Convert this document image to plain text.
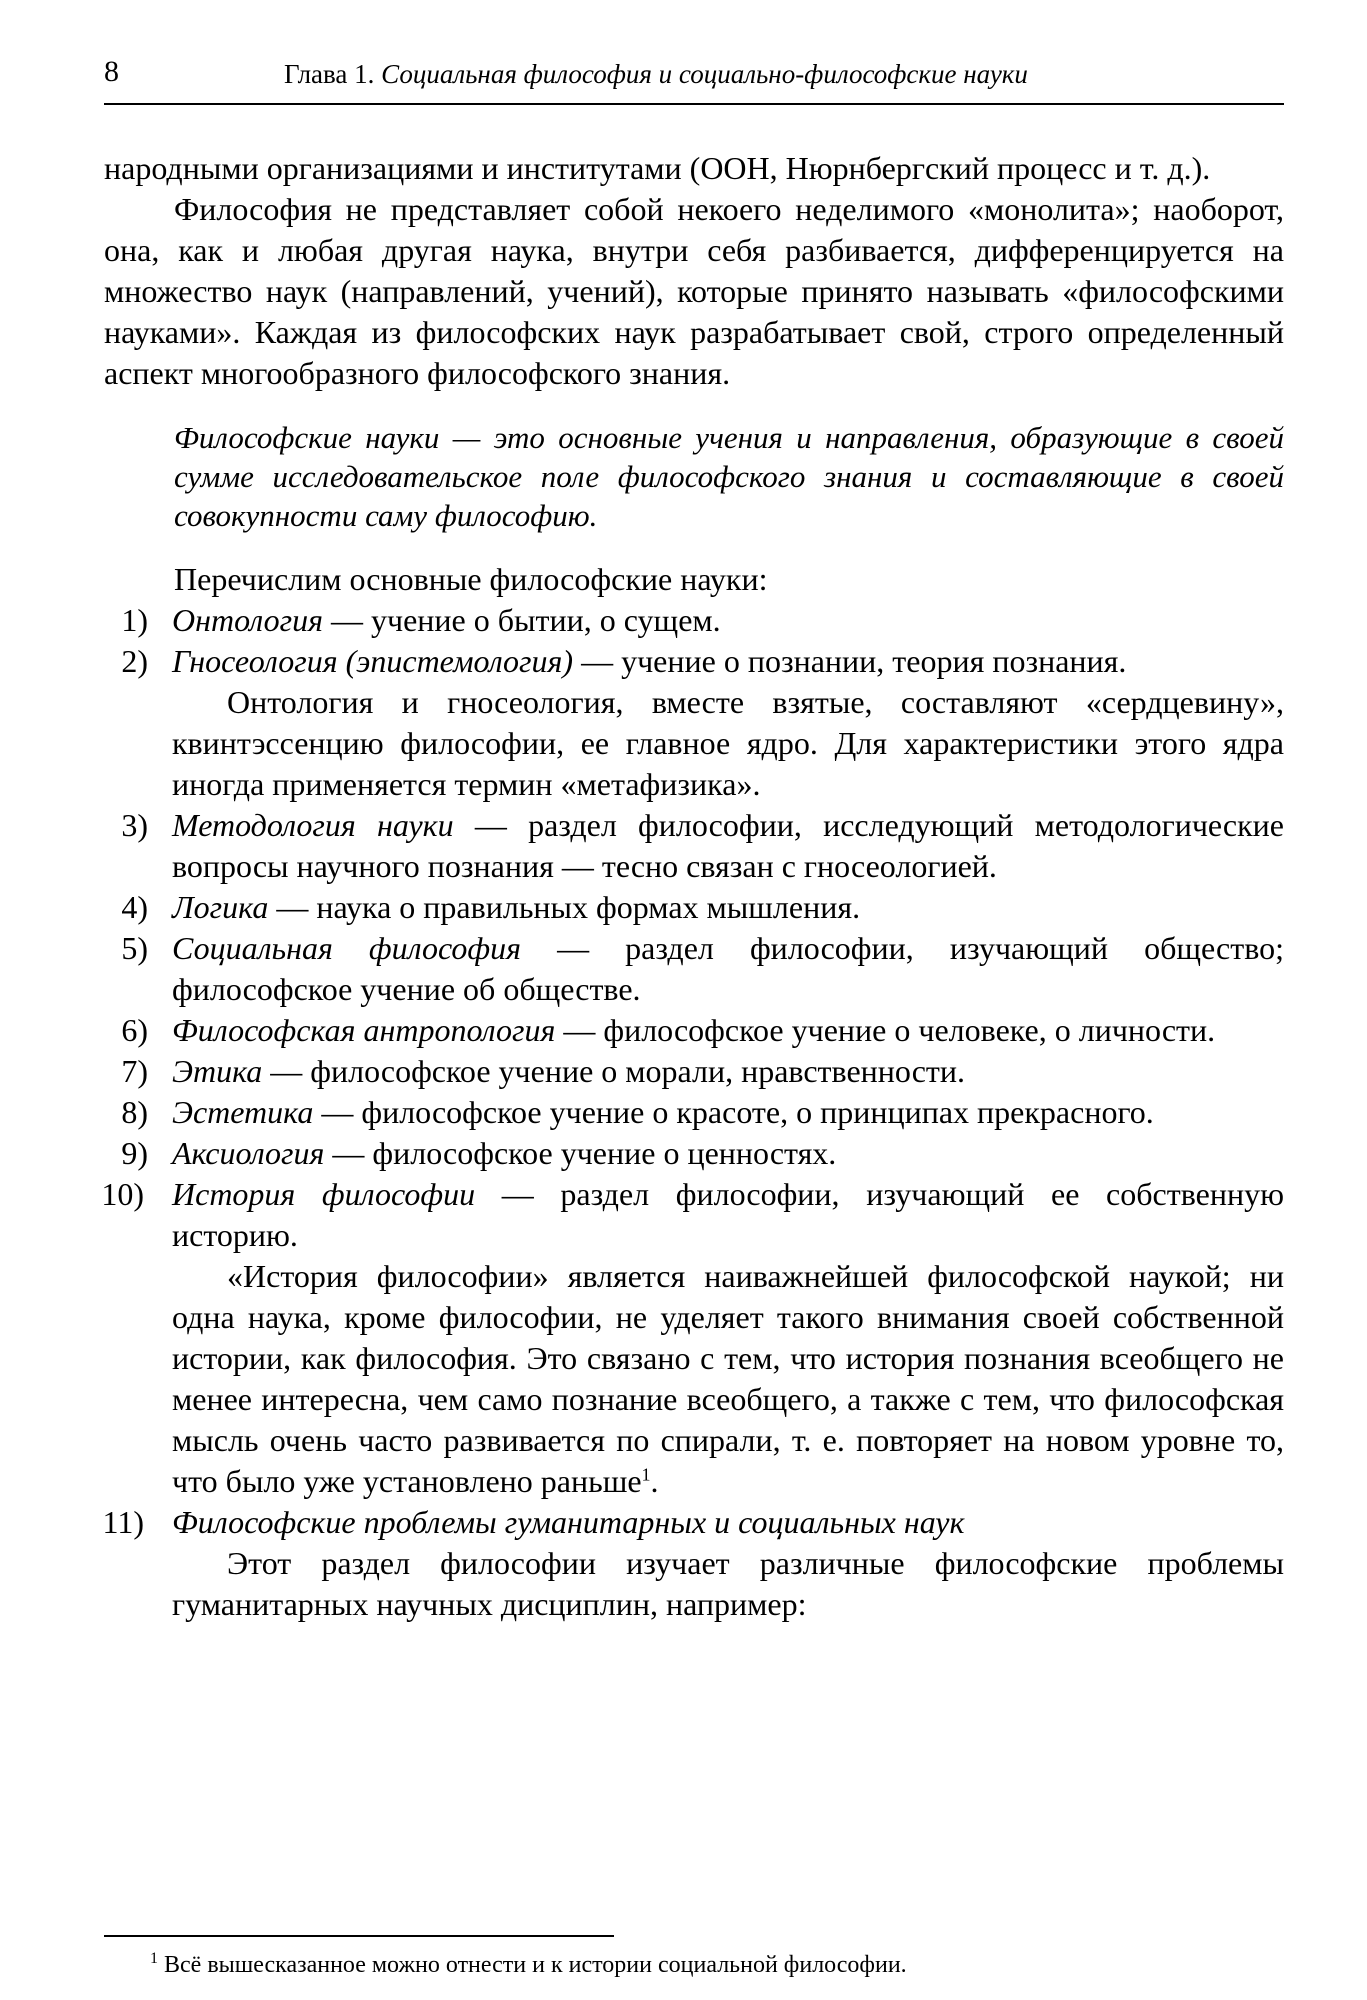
8	Глава 1. Социальная философия и социально-философские науки

народными организациями и институтами (ООН, Нюрнбергский процесс и т. д.).

Философия не представляет собой некоего неделимого «монолита»; наоборот, она, как и любая другая наука, внутри себя разбивается, дифференцируется на множество наук (направлений, учений), которые принято называть «философскими науками». Каждая из философских наук разрабатывает свой, строго определенный аспект многообразного философского знания.

Философские науки — это основные учения и направления, образующие в своей сумме исследовательское поле философского знания и составляющие в своей совокупности саму философию.

Перечислим основные философские науки:

1) Онтология — учение о бытии, о сущем.
2) Гносеология (эпистемология) — учение о познании, теория познания.
Онтология и гносеология, вместе взятые, составляют «сердцевину», квинтэссенцию философии, ее главное ядро. Для характеристики этого ядра иногда применяется термин «метафизика».
3) Методология науки — раздел философии, исследующий методологические вопросы научного познания — тесно связан с гносеологией.
4) Логика — наука о правильных формах мышления.
5) Социальная философия — раздел философии, изучающий общество; философское учение об обществе.
6) Философская антропология — философское учение о человеке, о личности.
7) Этика — философское учение о морали, нравственности.
8) Эстетика — философское учение о красоте, о принципах прекрасного.
9) Аксиология — философское учение о ценностях.
10) История философии — раздел философии, изучающий ее собственную историю.
«История философии» является наиважнейшей философской наукой; ни одна наука, кроме философии, не уделяет такого внимания своей собственной истории, как философия. Это связано с тем, что история познания всеобщего не менее интересна, чем само познание всеобщего, а также с тем, что философская мысль очень часто развивается по спирали, т. е. повторяет на новом уровне то, что было уже установлено раньше$^1$.
11) Философские проблемы гуманитарных и социальных наук
Этот раздел философии изучает различные философские проблемы гуманитарных научных дисциплин, например:
$^1$ Всё вышесказанное можно отнести и к истории социальной философии.
